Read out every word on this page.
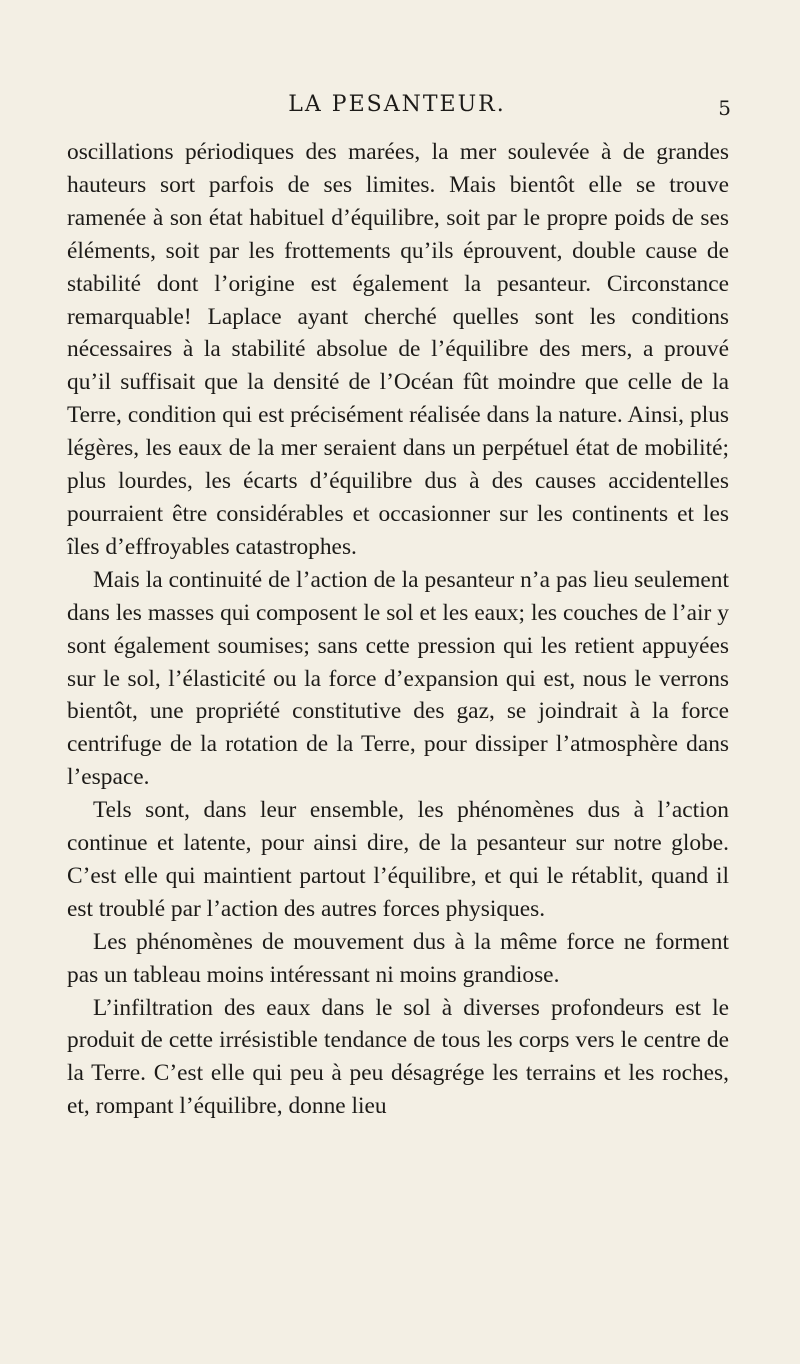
LA PESANTEUR.	5

oscillations périodiques des marées, la mer soulevée à de grandes hauteurs sort parfois de ses limites. Mais bientôt elle se trouve ramenée à son état habituel d’équilibre, soit par le propre poids de ses éléments, soit par les frottements qu’ils éprouvent, double cause de stabilité dont l’origine est également la pesanteur. Circonstance remarquable! Laplace ayant cherché quelles sont les conditions nécessaires à la stabilité absolue de l’équilibre des mers, a prouvé qu’il suffisait que la densité de l’Océan fût moindre que celle de la Terre, condition qui est précisément réalisée dans la nature. Ainsi, plus légères, les eaux de la mer seraient dans un perpétuel état de mobilité; plus lourdes, les écarts d’équilibre dus à des causes accidentelles pourraient être considérables et occasionner sur les continents et les îles d’effroyables catastrophes.

Mais la continuité de l’action de la pesanteur n’a pas lieu seulement dans les masses qui composent le sol et les eaux; les couches de l’air y sont également soumises; sans cette pression qui les retient appuyées sur le sol, l’élasticité ou la force d’expansion qui est, nous le verrons bientôt, une propriété constitutive des gaz, se joindrait à la force centrifuge de la rotation de la Terre, pour dissiper l’atmosphère dans l’espace.

Tels sont, dans leur ensemble, les phénomènes dus à l’action continue et latente, pour ainsi dire, de la pesanteur sur notre globe. C’est elle qui maintient partout l’équilibre, et qui le rétablit, quand il est troublé par l’action des autres forces physiques.

Les phénomènes de mouvement dus à la même force ne forment pas un tableau moins intéressant ni moins grandiose.

L’infiltration des eaux dans le sol à diverses profondeurs est le produit de cette irrésistible tendance de tous les corps vers le centre de la Terre. C’est elle qui peu à peu désagrége les terrains et les roches, et, rompant l’équilibre, donne lieu
